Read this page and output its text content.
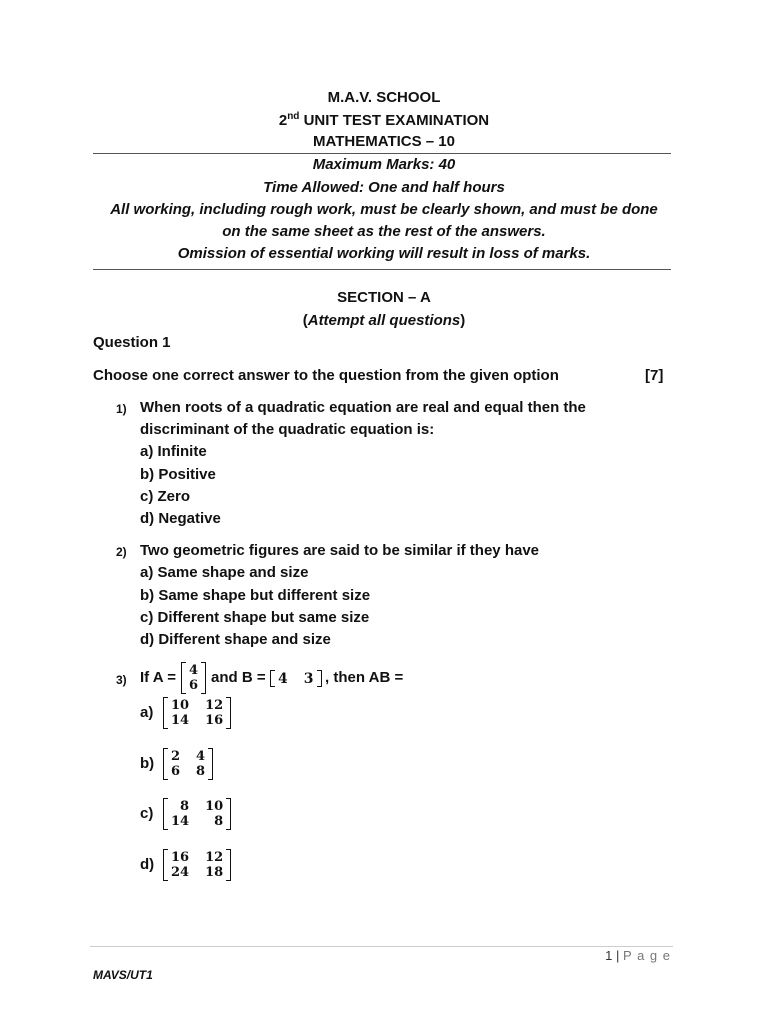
M.A.V. SCHOOL
2nd UNIT TEST EXAMINATION
MATHEMATICS – 10
Maximum Marks: 40
Time Allowed: One and half hours
All working, including rough work, must be clearly shown, and must be done
on the same sheet as the rest of the answers.
Omission of essential working will result in loss of marks.
SECTION – A
(Attempt all questions)
Question 1
Choose one correct answer to the question from the given option	[7]
1) When roots of a quadratic equation are real and equal then the
discriminant of the quadratic equation is:
a) Infinite
b) Positive
c) Zero
d) Negative
2) Two geometric figures are said to be similar if they have
a) Same shape and size
b) Same shape but different size
c) Different shape but same size
d) Different shape and size
3) If A = 4
6 and B = 4 3 , then AB =
a) 10 12
14 16
b) 2 4
6 8
c)	8 10
14	8
d) 16 12
24 18
1 | P a g e
MAVS/UT1
